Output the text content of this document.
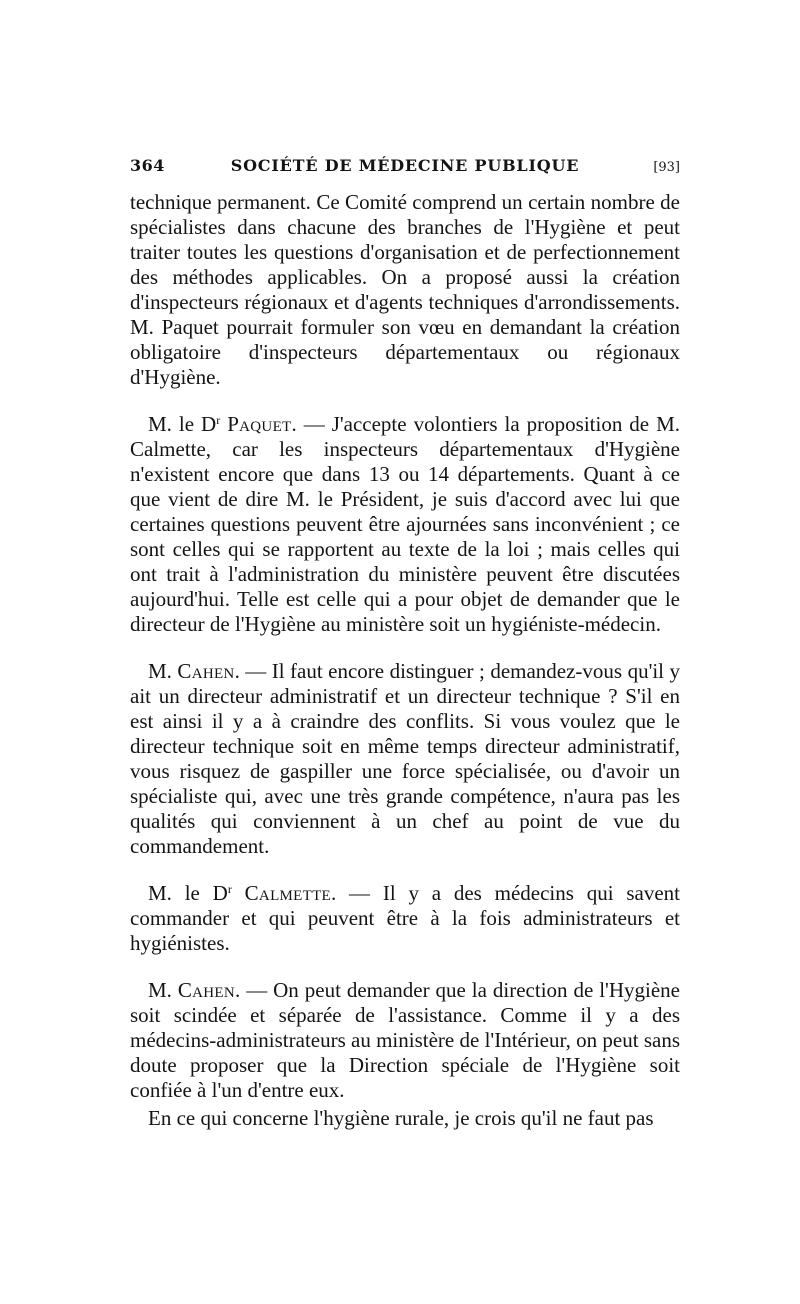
364	SOCIÉTÉ DE MÉDECINE PUBLIQUE	[93]

technique permanent. Ce Comité comprend un certain nombre de spécialistes dans chacune des branches de l'Hygiène et peut traiter toutes les questions d'organisation et de perfectionnement des méthodes applicables. On a proposé aussi la création d'inspecteurs régionaux et d'agents techniques d'arrondissements. M. Paquet pourrait formuler son vœu en demandant la création obligatoire d'inspecteurs départementaux ou régionaux d'Hygiène.

M. le $D^r$ Paquet. — J'accepte volontiers la proposition de M. Calmette, car les inspecteurs départementaux d'Hygiène n'existent encore que dans 13 ou 14 départements. Quant à ce que vient de dire M. le Président, je suis d'accord avec lui que certaines questions peuvent être ajournées sans inconvénient ; ce sont celles qui se rapportent au texte de la loi ; mais celles qui ont trait à l'administration du ministère peuvent être discutées aujourd'hui. Telle est celle qui a pour objet de demander que le directeur de l'Hygiène au ministère soit un hygiéniste-médecin.

M. Cahen. — Il faut encore distinguer ; demandez-vous qu'il y ait un directeur administratif et un directeur technique ? S'il en est ainsi il y a à craindre des conflits. Si vous voulez que le directeur technique soit en même temps directeur administratif, vous risquez de gaspiller une force spécialisée, ou d'avoir un spécialiste qui, avec une très grande compétence, n'aura pas les qualités qui conviennent à un chef au point de vue du commandement.

M. le $D^r$ Calmette. — Il y a des médecins qui savent commander et qui peuvent être à la fois administrateurs et hygiénistes.

M. Cahen. — On peut demander que la direction de l'Hygiène soit scindée et séparée de l'assistance. Comme il y a des médecins-administrateurs au ministère de l'Intérieur, on peut sans doute proposer que la Direction spéciale de l'Hygiène soit confiée à l'un d'entre eux.

En ce qui concerne l'hygiène rurale, je crois qu'il ne faut pas
